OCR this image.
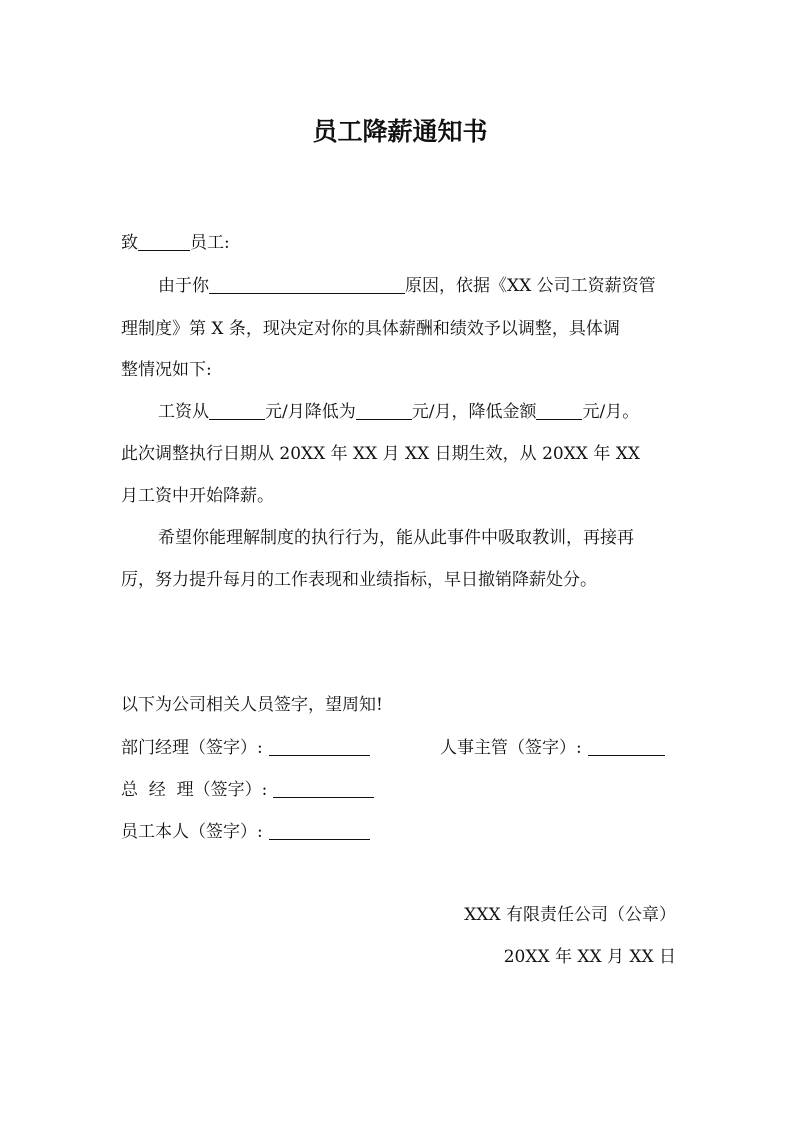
员工降薪通知书
致	员工:
由于你	原因，依据《XX 公司工资薪资管
理制度》第 X 条，现决定对你的具体薪酬和绩效予以调整，具体调
整情况如下:
工资从	元/月降低为	元/月，降低金额	元/月。
此次调整执行日期从 20XX 年 XX 月 XX 日期生效，从 20XX 年 XX
月工资中开始降薪。
希望你能理解制度的执行行为，能从此事件中吸取教训，再接再
厉，努力提升每月的工作表现和业绩指标，早日撤销降薪处分。
以下为公司相关人员签字，望周知!
部门经理（签字）:	人事主管（签字）:
总  经  理（签字）:
员工本人（签字）:
XXX 有限责任公司（公章）
20XX 年 XX 月 XX 日
